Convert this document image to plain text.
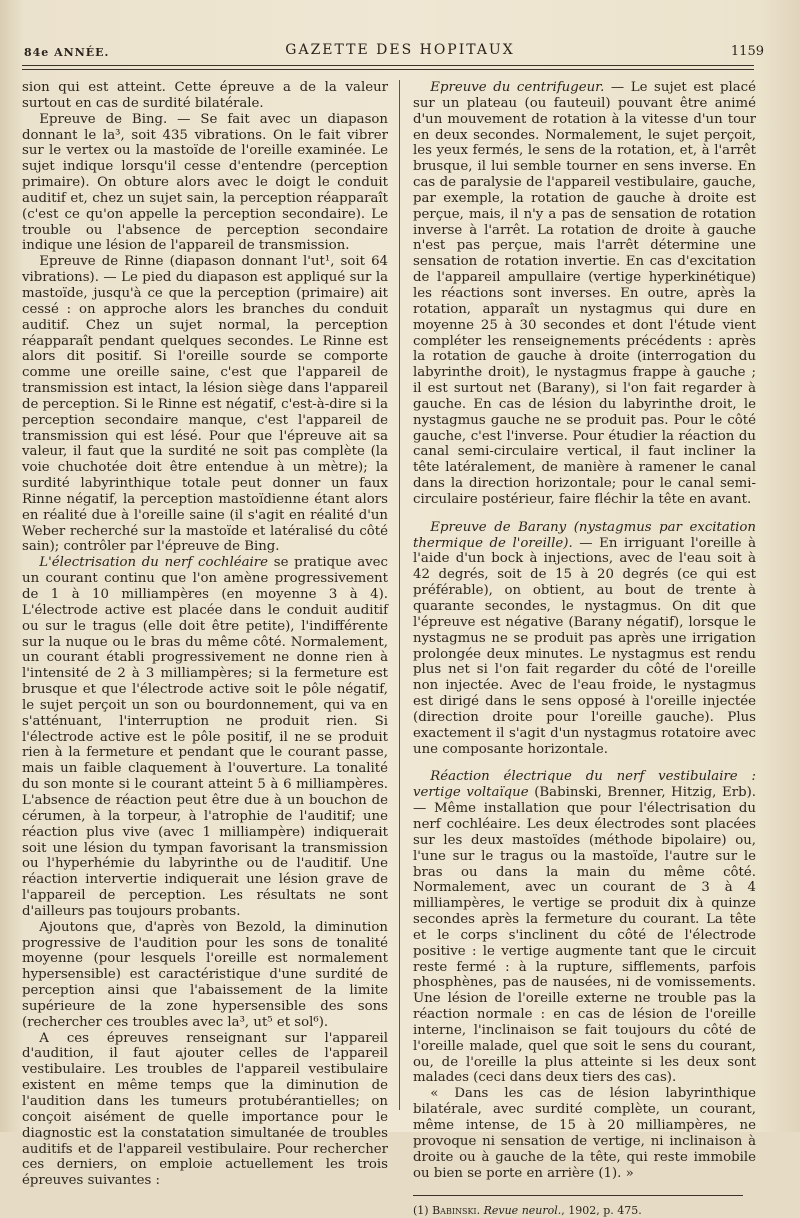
84e ANNÉE.	GAZETTE DES HOPITAUX	1159

sion qui est atteint. Cette épreuve a de la valeur surtout en cas de surdité bilatérale.

Epreuve de Bing. — Se fait avec un diapason donnant le la³, soit 435 vibrations. On le fait vibrer sur le vertex ou la mastoïde de l'oreille examinée. Le sujet indique lorsqu'il cesse d'entendre (perception primaire). On obture alors avec le doigt le conduit auditif et, chez un sujet sain, la perception réapparaît (c'est ce qu'on appelle la perception secondaire). Le trouble ou l'absence de perception secondaire indique une lésion de l'appareil de transmission.

Epreuve de Rinne (diapason donnant l'ut¹, soit 64 vibrations). — Le pied du diapason est appliqué sur la mastoïde, jusqu'à ce que la perception (primaire) ait cessé : on approche alors les branches du conduit auditif. Chez un sujet normal, la perception réapparaît pendant quelques secondes. Le Rinne est alors dit positif. Si l'oreille sourde se comporte comme une oreille saine, c'est que l'appareil de transmission est intact, la lésion siège dans l'appareil de perception. Si le Rinne est négatif, c'est-à-dire si la perception secondaire manque, c'est l'appareil de transmission qui est lésé. Pour que l'épreuve ait sa valeur, il faut que la surdité ne soit pas complète (la voie chuchotée doit être entendue à un mètre); la surdité labyrinthique totale peut donner un faux Rinne négatif, la perception mastoïdienne étant alors en réalité due à l'oreille saine (il s'agit en réalité d'un Weber recherché sur la mastoïde et latéralisé du côté sain); contrôler par l'épreuve de Bing.

L'électrisation du nerf cochléaire se pratique avec un courant continu que l'on amène progressivement de 1 à 10 milliampères (en moyenne 3 à 4). L'électrode active est placée dans le conduit auditif ou sur le tragus (elle doit être petite), l'indifférente sur la nuque ou le bras du même côté. Normalement, un courant établi progressivement ne donne rien à l'intensité de 2 à 3 milliampères; si la fermeture est brusque et que l'électrode active soit le pôle négatif, le sujet perçoit un son ou bourdonnement, qui va en s'atténuant, l'interruption ne produit rien. Si l'électrode active est le pôle positif, il ne se produit rien à la fermeture et pendant que le courant passe, mais un faible claquement à l'ouverture. La tonalité du son monte si le courant atteint 5 à 6 milliampères. L'absence de réaction peut être due à un bouchon de cérumen, à la torpeur, à l'atrophie de l'auditif; une réaction plus vive (avec 1 milliampère) indiquerait soit une lésion du tympan favorisant la transmission ou l'hyperhémie du labyrinthe ou de l'auditif. Une réaction intervertie indiquerait une lésion grave de l'appareil de perception. Les résultats ne sont d'ailleurs pas toujours probants.

Ajoutons que, d'après von Bezold, la diminution progressive de l'audition pour les sons de tonalité moyenne (pour lesquels l'oreille est normalement hypersensible) est caractéristique d'une surdité de perception ainsi que l'abaissement de la limite supérieure de la zone hypersensible des sons (rechercher ces troubles avec la³, ut⁵ et sol⁶).

A ces épreuves renseignant sur l'appareil d'audition, il faut ajouter celles de l'appareil vestibulaire. Les troubles de l'appareil vestibulaire existent en même temps que la diminution de l'audition dans les tumeurs protubérantielles; on conçoit aisément de quelle importance pour le diagnostic est la constatation simultanée de troubles auditifs et de l'appareil vestibulaire. Pour rechercher ces derniers, on emploie actuellement les trois épreuves suivantes :

Epreuve du centrifugeur. — Le sujet est placé sur un plateau (ou fauteuil) pouvant être animé d'un mouvement de rotation à la vitesse d'un tour en deux secondes. Normalement, le sujet perçoit, les yeux fermés, le sens de la rotation, et, à l'arrêt brusque, il lui semble tourner en sens inverse. En cas de paralysie de l'appareil vestibulaire, gauche, par exemple, la rotation de gauche à droite est perçue, mais, il n'y a pas de sensation de rotation inverse à l'arrêt. La rotation de droite à gauche n'est pas perçue, mais l'arrêt détermine une sensation de rotation invertie. En cas d'excitation de l'appareil ampullaire (vertige hyperkinétique) les réactions sont inverses. En outre, après la rotation, apparaît un nystagmus qui dure en moyenne 25 à 30 secondes et dont l'étude vient compléter les renseignements précédents : après la rotation de gauche à droite (interrogation du labyrinthe droit), le nystagmus frappe à gauche ; il est surtout net (Barany), si l'on fait regarder à gauche. En cas de lésion du labyrinthe droit, le nystagmus gauche ne se produit pas. Pour le côté gauche, c'est l'inverse. Pour étudier la réaction du canal semi-circulaire vertical, il faut incliner la tête latéralement, de manière à ramener le canal dans la direction horizontale; pour le canal semi-circulaire postérieur, faire fléchir la tête en avant.

Epreuve de Barany (nystagmus par excitation thermique de l'oreille). — En irriguant l'oreille à l'aide d'un bock à injections, avec de l'eau soit à 42 degrés, soit de 15 à 20 degrés (ce qui est préférable), on obtient, au bout de trente à quarante secondes, le nystagmus. On dit que l'épreuve est négative (Barany négatif), lorsque le nystagmus ne se produit pas après une irrigation prolongée deux minutes. Le nystagmus est rendu plus net si l'on fait regarder du côté de l'oreille non injectée. Avec de l'eau froide, le nystagmus est dirigé dans le sens opposé à l'oreille injectée (direction droite pour l'oreille gauche). Plus exactement il s'agit d'un nystagmus rotatoire avec une composante horizontale.

Réaction électrique du nerf vestibulaire : vertige voltaïque (Babinski, Brenner, Hitzig, Erb). — Même installation que pour l'électrisation du nerf cochléaire. Les deux électrodes sont placées sur les deux mastoïdes (méthode bipolaire) ou, l'une sur le tragus ou la mastoïde, l'autre sur le bras ou dans la main du même côté. Normalement, avec un courant de 3 à 4 milliampères, le vertige se produit dix à quinze secondes après la fermeture du courant. La tête et le corps s'inclinent du côté de l'électrode positive : le vertige augmente tant que le circuit reste fermé : à la rupture, sifflements, parfois phosphènes, pas de nausées, ni de vomissements. Une lésion de l'oreille externe ne trouble pas la réaction normale : en cas de lésion de l'oreille interne, l'inclinaison se fait toujours du côté de l'oreille malade, quel que soit le sens du courant, ou, de l'oreille la plus atteinte si les deux sont malades (ceci dans deux tiers des cas).

« Dans les cas de lésion labyrinthique bilatérale, avec surdité complète, un courant, même intense, de 15 à 20 milliampères, ne provoque ni sensation de vertige, ni inclinaison à droite ou à gauche de la tête, qui reste immobile ou bien se porte en arrière (1). »

(1) Babinski. Revue neurol., 1902, p. 475.
